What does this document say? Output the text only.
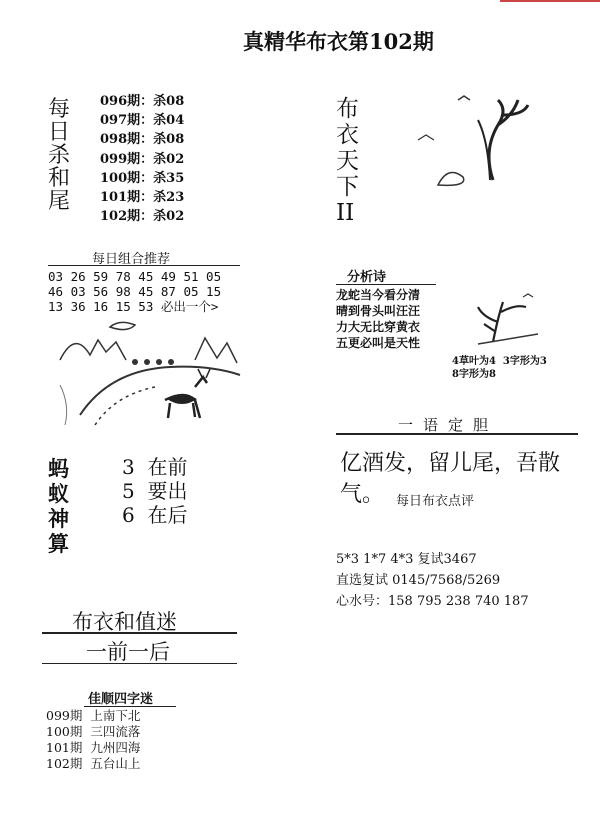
真精华布衣第102期
每
日
杀
和
尾
096期：杀08
097期：杀04
098期：杀08
099期：杀02
100期：杀35
101期：杀23
102期：杀02
每日组合推荐
03 26 59 78 45 49 51 05
46 03 56 98 45 87 05 15
13 36 16 15 53 必出一个>
蚂
蚁
神
算
3 在前
5 要出
6 在后
布衣和值迷
一前一后
佳顺四字迷
099期 上南下北
100期 三四流落
101期 九州四海
102期 五台山上
布
衣
天
下
II
分析诗
龙蛇当今看分清
晴到骨头叫汪汪
力大无比穿黄衣
五更必叫是天性
4草叶为4 3字形为3
8字形为8
一语定胆
亿酒发，留儿尾，吾散气。 每日布衣点评
5*3 1*7 4*3 复试3467
直选复试 0145/7568/5269
心水号：158 795 238 740 187
